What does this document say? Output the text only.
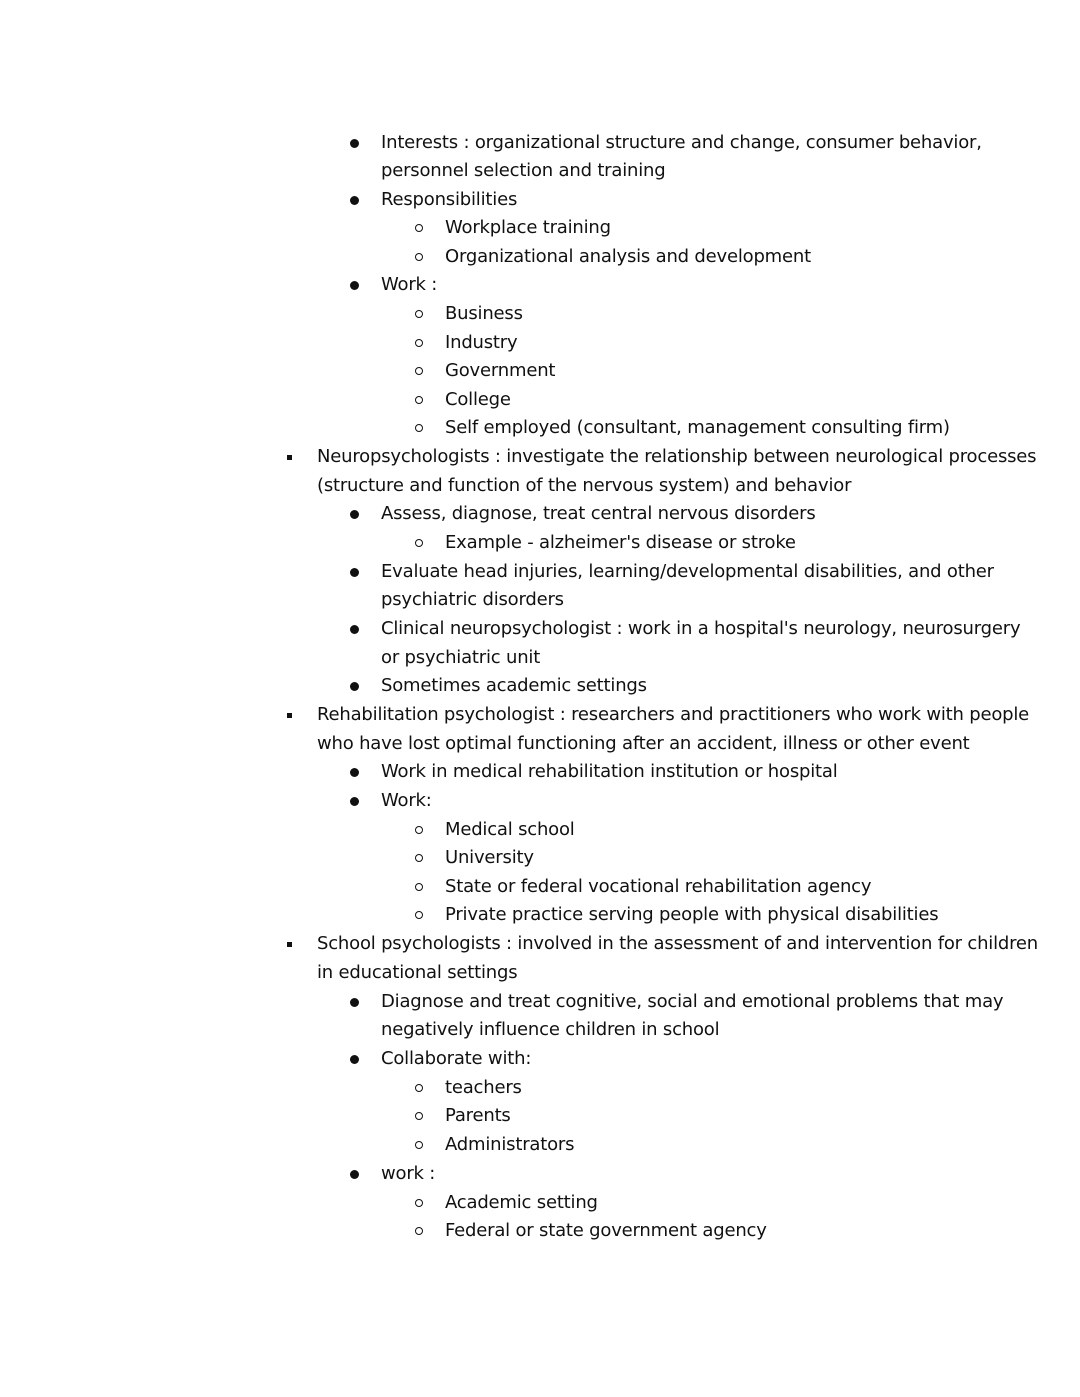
Interests : organizational structure and change, consumer behavior,
personnel selection and training
Responsibilities
Workplace training
Organizational analysis and development
Work :
Business
Industry
Government
College
Self employed (consultant, management consulting firm)
Neuropsychologists : investigate the relationship between neurological processes
(structure and function of the nervous system) and behavior
Assess, diagnose, treat central nervous disorders
Example - alzheimer's disease or stroke
Evaluate head injuries, learning/developmental disabilities, and other
psychiatric disorders
Clinical neuropsychologist : work in a hospital's neurology, neurosurgery
or psychiatric unit
Sometimes academic settings
Rehabilitation psychologist : researchers and practitioners who work with people
who have lost optimal functioning after an accident, illness or other event
Work in medical rehabilitation institution or hospital
Work:
Medical school
University
State or federal vocational rehabilitation agency
Private practice serving people with physical disabilities
School psychologists : involved in the assessment of and intervention for children
in educational settings
Diagnose and treat cognitive, social and emotional problems that may
negatively influence children in school
Collaborate with:
teachers
Parents
Administrators
work :
Academic setting
Federal or state government agency
